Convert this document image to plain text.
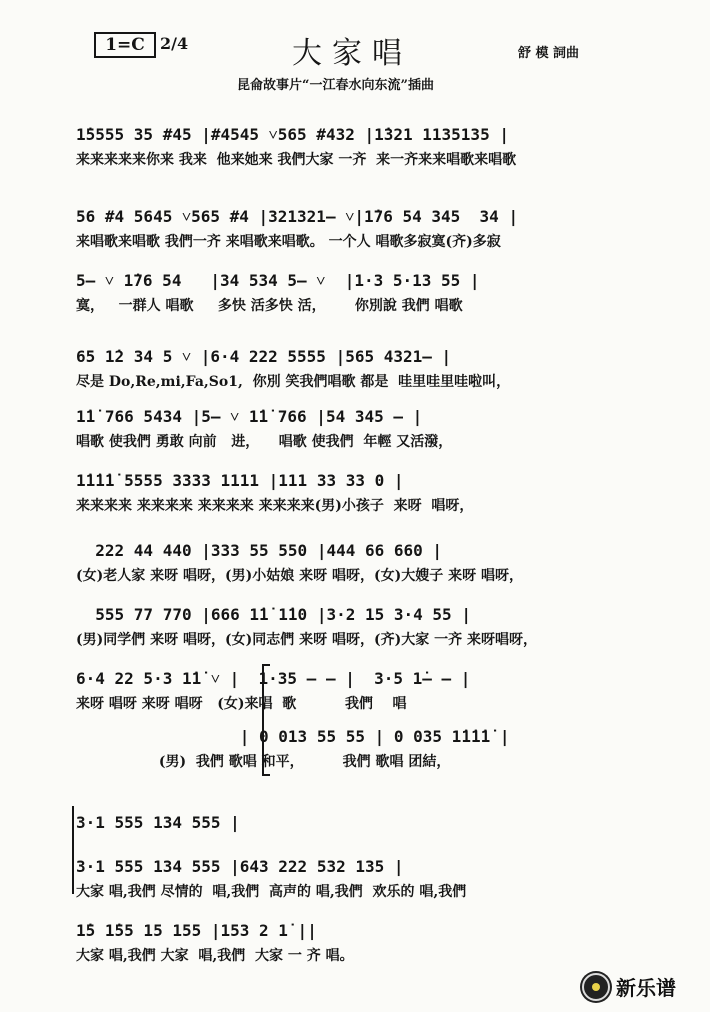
1=C 2/4	大家唱	舒 模 詞曲
昆侖故事片“一江春水向东流”插曲
1̇5555 35 #45 |#4545 ˅565 #432 |1̇321 1135135 |
来来来来来你来 我来  他来她来 我們大家 一齐  来一齐来来唱歌来唱歌
56 #4 5645 ˅565 #4 |321321— ˅|1̇76 54 345  34 |
来唱歌来唱歌 我們一齐 来唱歌来唱歌。 一个人 唱歌多寂寞(齐)多寂
5— ˅ 1̇76 54   |34 534 5— ˅  |1·3 5·13 55 |
寞，   一群人 唱歌     多快 活多快 活，      你別說 我們 唱歌
65 1̇2 34 5 ˅ |6·4 222 5555 |565 4321— |
尽是 Do,Re,mi,Fa,So1,  你別 笑我們唱歌 都是  哇里哇里哇啦叫，
1̇1̇ 766 5434 |5— ˅ 1̇1̇ 766 |54 345 — |
唱歌 使我們 勇敢 向前   进，    唱歌 使我們  年輕 又活潑，
1̇1̇1̇1̇ 5555 3333 1111 |111 33 33 0 |
来来来来 来来来来 来来来来 来来来来(男)小孩子  来呀  唱呀，
222 44 440 |333 55 550 |444 66 660 |
(女)老人家 来呀 唱呀，(男)小姑娘 来呀 唱呀，(女)大嫂子 来呀 唱呀，
555 77 770 |666 1̇1̇ 1̇10 |3·2 15 3·4 55 |
(男)同学們 来呀 唱呀，(女)同志們 来呀 唱呀，(齐)大家 一齐 来呀唱呀，
6·4 22 5·3 1̇1̇ ˅ |  1·35 — — |  3·5 1̇— — |
来呀 唱呀 来呀 唱呀   (女)来唱  歌          我們    唱
| 0 013 55 55 | 0 035 1̇1̇1̇1̇ |
(男)  我們 歌唱 和平，        我們 歌唱 团結，
3·1 555 134 555 |
3·1 555 134 555 |643 222 532 135 |
大家 唱,我們 尽情的  唱,我們  高声的 唱,我們  欢乐的 唱,我們
1̇5 1̇55 15 155 |153 2 1̇ ||
大家 唱,我們 大家  唱,我們  大家 一 齐 唱。
新乐谱
